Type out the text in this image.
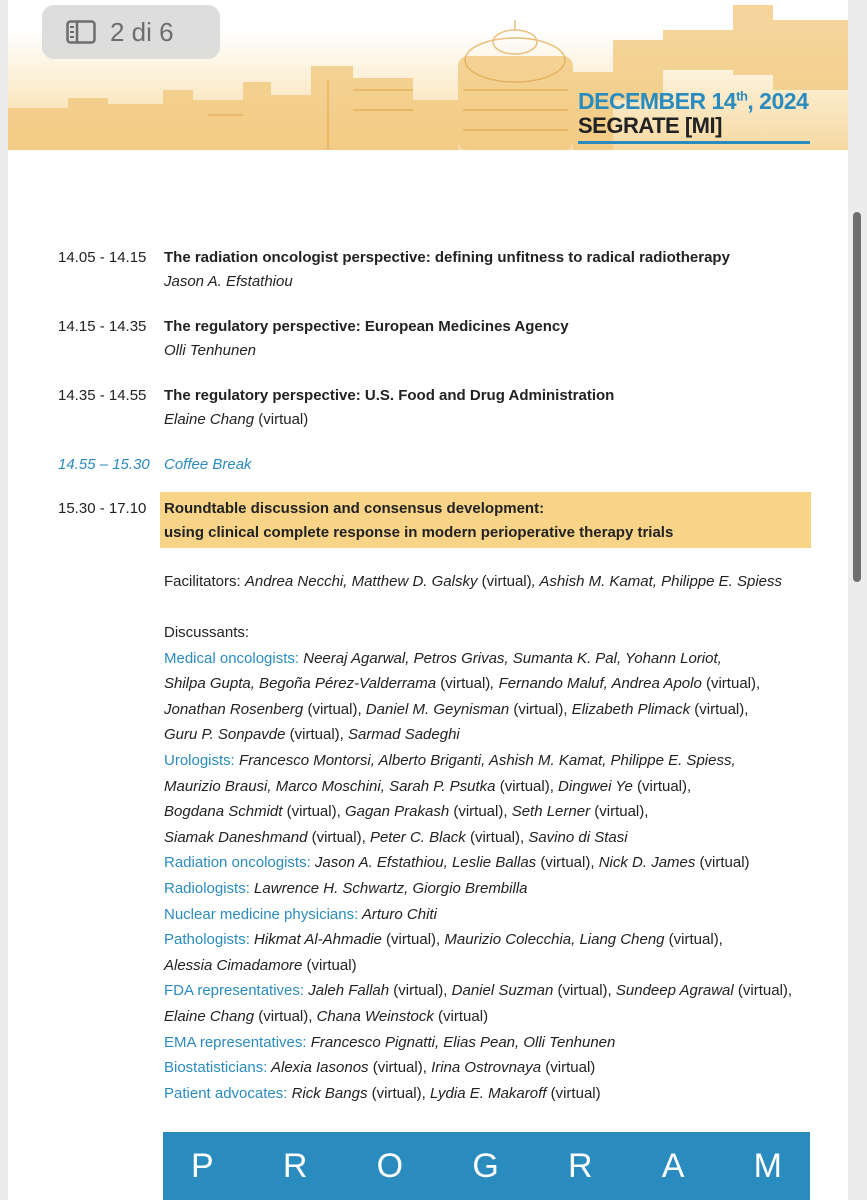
DECEMBER 14th, 2024
SEGRATE [MI]
14.05 - 14.15	The radiation oncologist perspective: defining unfitness to radical radiotherapy
Jason A. Efstathiou
14.15 - 14.35	The regulatory perspective: European Medicines Agency
Olli Tenhunen
14.35 - 14.55	The regulatory perspective: U.S. Food and Drug Administration
Elaine Chang (virtual)
14.55 – 15.30 Coffee Break
15.30 - 17.10	Roundtable discussion and consensus development:
using clinical complete response in modern perioperative therapy trials
Facilitators: Andrea Necchi, Matthew D. Galsky (virtual), Ashish M. Kamat, Philippe E. Spiess
Discussants:
Medical oncologists: Neeraj Agarwal, Petros Grivas, Sumanta K. Pal, Yohann Loriot,
Shilpa Gupta, Begoña Pérez-Valderrama (virtual), Fernando Maluf, Andrea Apolo (virtual),
Jonathan Rosenberg (virtual), Daniel M. Geynisman (virtual), Elizabeth Plimack (virtual),
Guru P. Sonpavde (virtual), Sarmad Sadeghi
Urologists: Francesco Montorsi, Alberto Briganti, Ashish M. Kamat, Philippe E. Spiess,
Maurizio Brausi, Marco Moschini, Sarah P. Psutka (virtual), Dingwei Ye (virtual),
Bogdana Schmidt (virtual), Gagan Prakash (virtual), Seth Lerner (virtual),
Siamak Daneshmand (virtual), Peter C. Black (virtual), Savino di Stasi
Radiation oncologists: Jason A. Efstathiou, Leslie Ballas (virtual), Nick D. James (virtual)
Radiologists: Lawrence H. Schwartz, Giorgio Brembilla
Nuclear medicine physicians: Arturo Chiti
Pathologists: Hikmat Al-Ahmadie (virtual), Maurizio Colecchia, Liang Cheng (virtual),
Alessia Cimadamore (virtual)
FDA representatives: Jaleh Fallah (virtual), Daniel Suzman (virtual), Sundeep Agrawal (virtual),
Elaine Chang (virtual), Chana Weinstock (virtual)
EMA representatives: Francesco Pignatti, Elias Pean, Olli Tenhunen
Biostatisticians: Alexia Iasonos (virtual), Irina Ostrovnaya (virtual)
Patient advocates: Rick Bangs (virtual), Lydia E. Makaroff (virtual)
P R O G R A M
2 di 6
